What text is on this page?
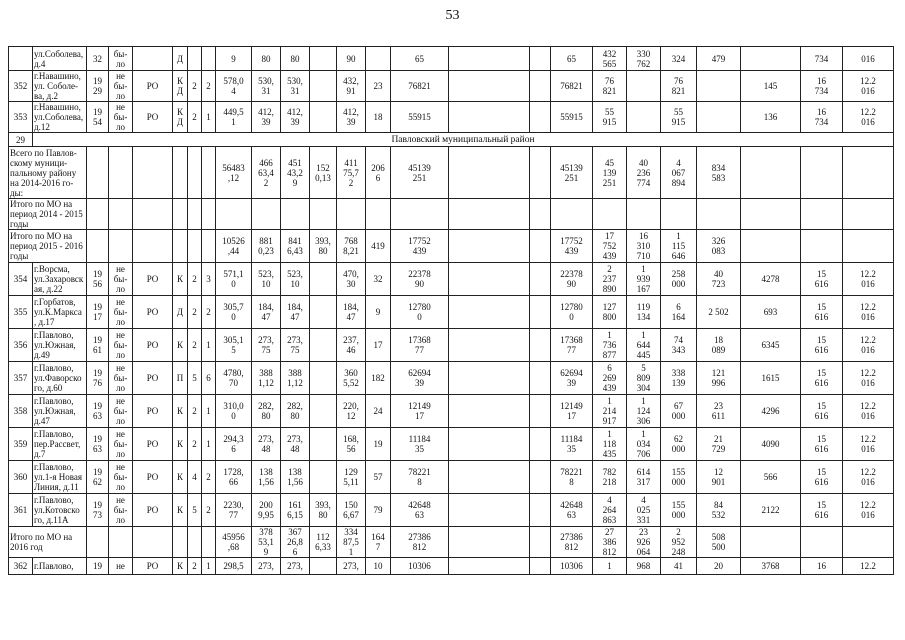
53
	ул.Соболева,
д.4	32	бы-
ло		Д			9	80	80		90		65			65	432
565	330
762	324	479		734	016
352	г.Навашино,
ул. Соболе-
ва, д.2	19
29	не
бы-
ло	РО	К
Д	2	2	578,0
4	530,
31	530,
31		432,
91	23	76821			76821	76
821		76
821		145	16
734	12.2
016
353	г.Навашино,
ул.Соболева,
д.12	19
54	не
бы-
ло	РО	К
Д	2	1	449,5
1	412,
39	412,
39		412,
39	18	55915			55915	55
915		55
915		136	16
734	12.2
016
29	Павловский муниципальный район																							
Всего по Павлов-
скому муници-
пальному району
на 2014-2016 го-
ды:								56483
,12	466
63,4
2	451
43,2
9	152
0,13	411
75,7
2	206
6	45139
251			45139
251	45
139
251	40
236
774	4
067
894	834
583			
Итого по МО на
период 2014 - 2015
годы																								
Итого по МО на
период 2015 - 2016
годы								10526
,44	881
0,23	841
6,43	393,
80	768
8,21	419	17752
439			17752
439	17
752
439	16
310
710	1
115
646	326
083			
354	г.Ворсма,
ул.Захаровск
ая, д.22	19
56	не
бы-
ло	РО	К	2	3	571,1
0	523,
10	523,
10		470,
30	32	22378
90			22378
90	2
237
890	1
939
167	258
000	40
723	4278	15
616	12.2
016
355	г.Горбатов,
ул.К.Маркса
, д.17	19
17	не
бы-
ло	РО	Д	2	2	305,7
0	184,
47	184,
47		184,
47	9	12780
0			12780
0	127
800	119
134	6
164	2 502	693	15
616	12.2
016
356	г.Павлово,
ул.Южная,
д.49	19
61	не
бы-
ло	РО	К	2	1	305,1
5	273,
75	273,
75		237,
46	17	17368
77			17368
77	1
736
877	1
644
445	74
343	18
089	6345	15
616	12.2
016
357	г.Павлово,
ул.Фаворско
го, д.60	19
76	не
бы-
ло	РО	П	5	6	4780,
70	388
1,12	388
1,12		360
5,52	182	62694
39			62694
39	6
269
439	5
809
304	338
139	121
996	1615	15
616	12.2
016
358	г.Павлово,
ул.Южная,
д.47	19
63	не
бы-
ло	РО	К	2	1	310,0
0	282,
80	282,
80		220,
12	24	12149
17			12149
17	1
214
917	1
124
306	67
000	23
611	4296	15
616	12.2
016
359	г.Павлово,
пер.Рассвет,
д.7	19
63	не
бы-
ло	РО	К	2	1	294,3
6	273,
48	273,
48		168,
56	19	11184
35			11184
35	1
118
435	1
034
706	62
000	21
729	4090	15
616	12.2
016
360	г.Павлово,
ул.1-я Новая
Линия, д.11	19
62	не
бы-
ло	РО	К	4	2	1728,
66	138
1,56	138
1,56		129
5,11	57	78221
8			78221
8	782
218	614
317	155
000	12
901	566	15
616	12.2
016
361	г.Павлово,
ул.Котовско
го, д.11А	19
73	не
бы-
ло	РО	К	5	2	2230,
77	200
9,95	161
6,15	393,
80	150
6,67	79	42648
63			42648
63	4
264
863	4
025
331	155
000	84
532	2122	15
616	12.2
016
Итого по МО на
2016 год								45956
,68	378
53,1
9	367
26,8
6	112
6,33	334
87,5
1	164
7	27386
812			27386
812	27
386
812	23
926
064	2
952
248	508
500			
362	г.Павлово,	19	не	РО	К	2	1	298,5	273,	273,		273,	10	10306			10306	1	968	41	20	3768	16	12.2
